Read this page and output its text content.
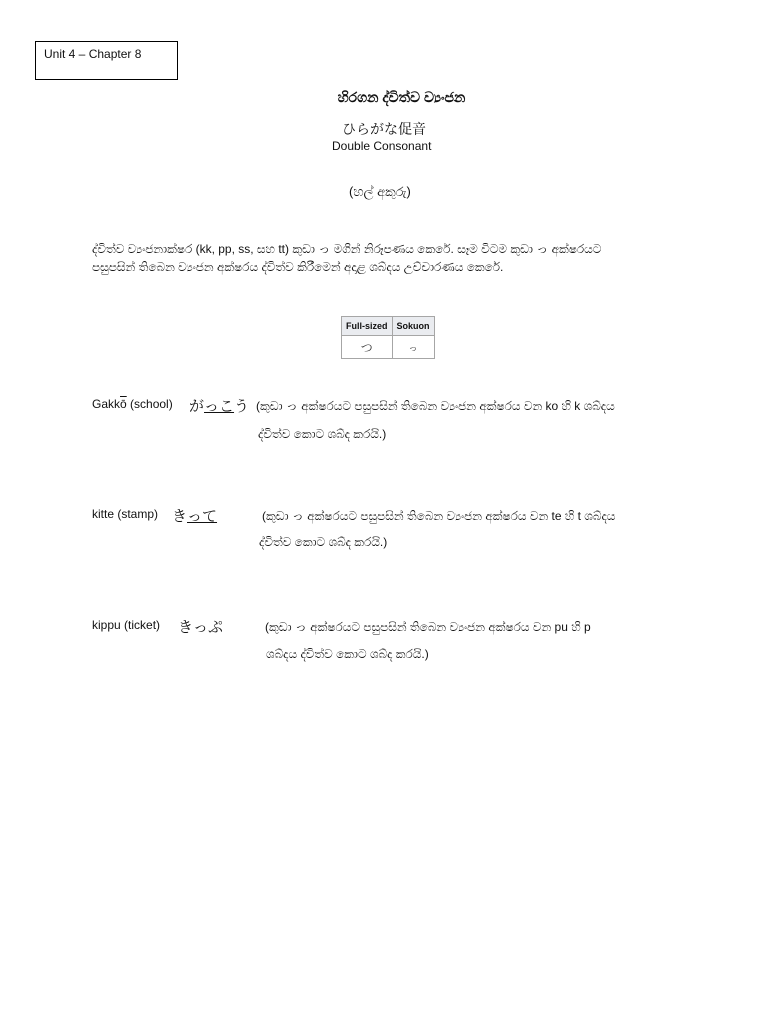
Unit 4 – Chapter 8
හිරගන ද්විත්ව ව්‍යංජන
ひらがな促音
Double Consonant
(හල් අකුරු)

ද්විත්ව ව්‍යංජනාක්ෂර (kk, pp, ss, සහ tt) කුඩා っ මගින් නිරූපණය කෙරේ. සෑම විටම කුඩා っ අක්ෂරයට

පසුපසින් තිබෙන ව්‍යංජන අක්ෂරය ද්විත්ව කිරීමෙන් අදාළ ශබ්දය උච්චාරණය කෙරේ.

Full-sized	Sokuon
つ	っ
$Gakk\overline{ō}$ (school) がっこう (කුඩා っ අක්ෂරයට පසුපසින් තිබෙන ව්‍යංජන අක්ෂරය වන ko හි k ශබ්දය
ද්විත්ව කොට ශබ්ද කරයි.)
kitte (stamp) きって	(කුඩා っ අක්ෂරයට පසුපසින් තිබෙන ව්‍යංජන අක්ෂරය වන te හි t ශබ්දය
ද්විත්ව කොට ශබ්ද කරයි.)
kippu (ticket) きっぷ	(කුඩා っ අක්ෂරයට පසුපසින් තිබෙන ව්‍යංජන අක්ෂරය වන pu හි p
ශබ්දය ද්විත්ව කොට ශබ්ද කරයි.)
